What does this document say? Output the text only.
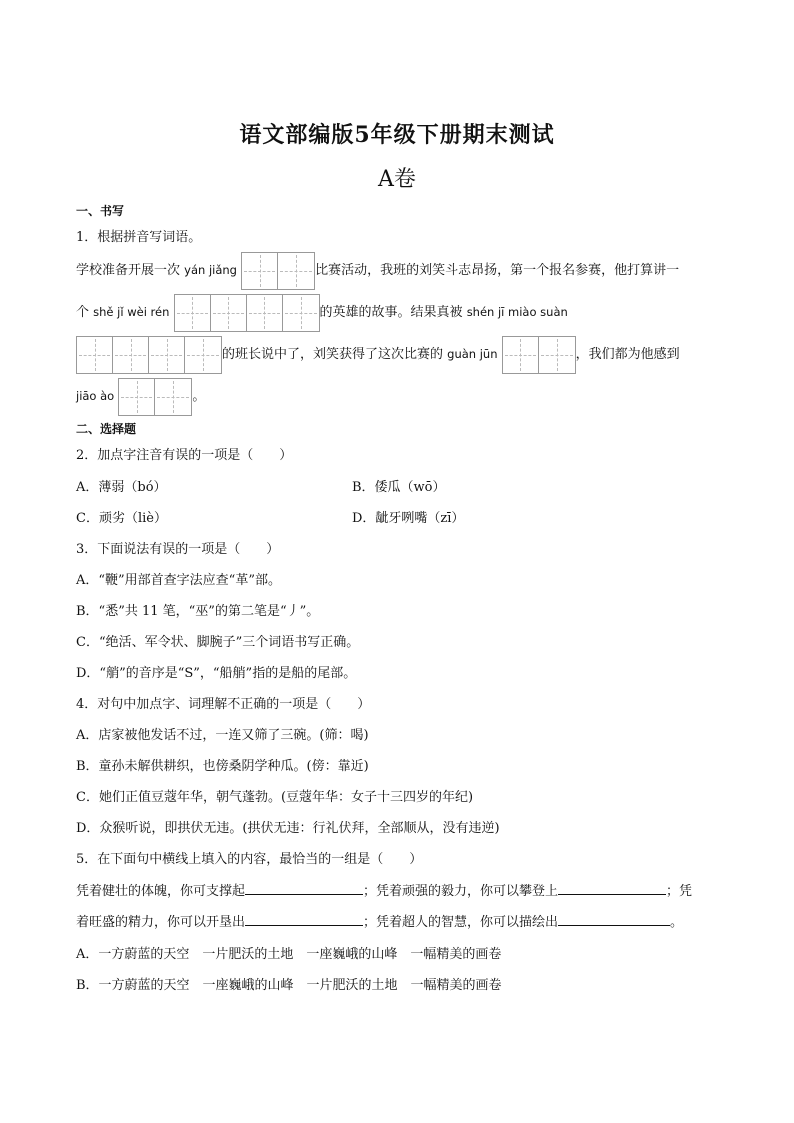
语文部编版5年级下册期末测试
A卷
一、书写
1．根据拼音写词语。
学校准备开展一次 yán jiǎng	比赛活动，我班的刘笑斗志昂扬，第一个报名参赛，他打算讲一
个 shě jǐ wèi rén	的英雄的故事。结果真被 shén jī miào suàn
的班长说中了，刘笑获得了这次比赛的 guàn jūn	，我们都为他感到
jiāo ào	。
二、选择题
2．加点字注音有误的一项是（　　）
A．薄弱（bó）	B．倭瓜（wō）
C．顽劣（liè）	D．龇牙咧嘴（zī）
3．下面说法有误的一项是（　　）
A．“鞭”用部首查字法应查“革”部。
B．“悉”共 11 笔，“巫”的第二笔是“丿”。
C．“绝活、军令状、脚腕子”三个词语书写正确。
D．“艄”的音序是“S”，“船艄”指的是船的尾部。
4．对句中加点字、词理解不正确的一项是（　　）
A．店家被他发话不过，一连又筛了三碗。(筛：喝)
B．童孙未解供耕织，也傍桑阴学种瓜。(傍：靠近)
C．她们正值豆蔻年华，朝气蓬勃。(豆蔻年华：女子十三四岁的年纪)
D．众猴听说，即拱伏无违。(拱伏无违：行礼伏拜，全部顺从，没有违逆)
5．在下面句中横线上填入的内容，最恰当的一组是（　　）
凭着健壮的体魄，你可支撑起	；凭着顽强的毅力，你可以攀登上	；凭
着旺盛的精力，你可以开垦出	；凭着超人的智慧，你可以描绘出	。
A．一方蔚蓝的天空　一片肥沃的土地　一座巍峨的山峰　一幅精美的画卷
B．一方蔚蓝的天空　一座巍峨的山峰　一片肥沃的土地　一幅精美的画卷
